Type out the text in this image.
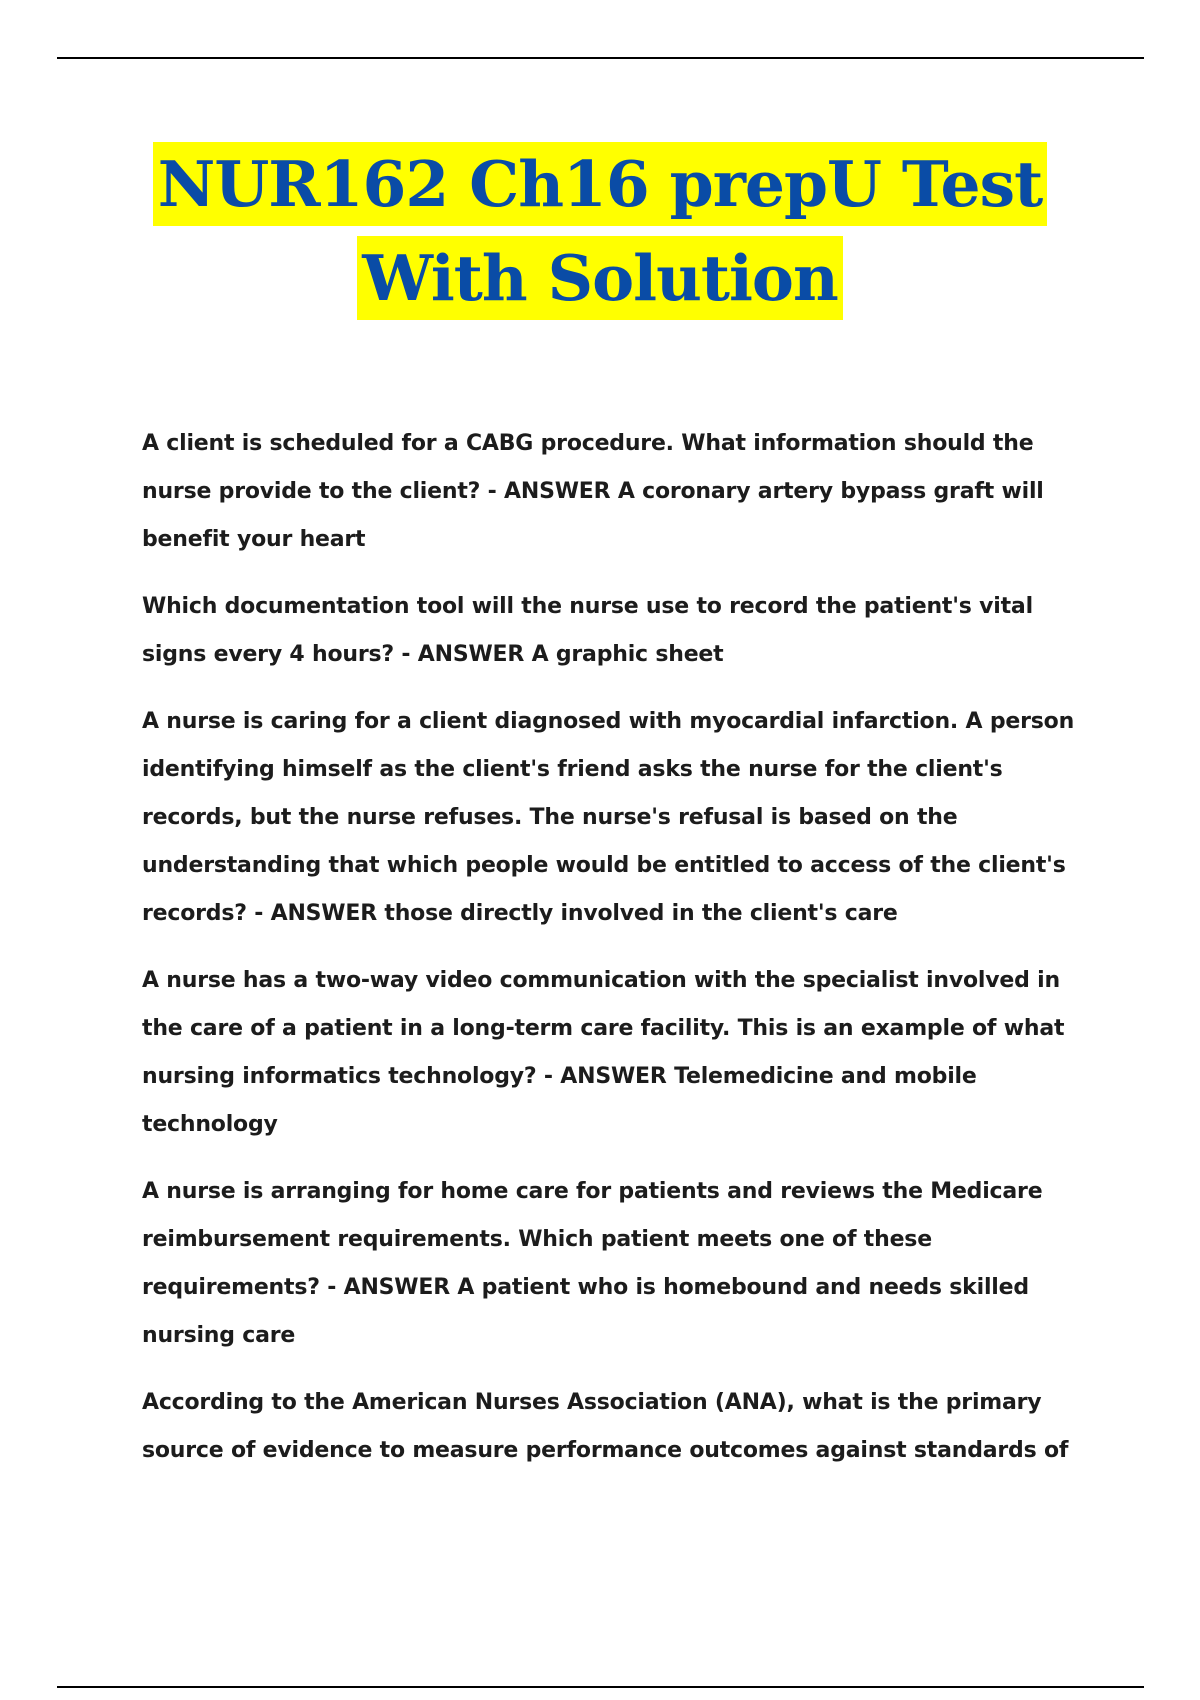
NUR162 Ch16 prepU Test
With Solution

A client is scheduled for a CABG procedure. What information should the nurse provide to the client? - ANSWER A coronary artery bypass graft will benefit your heart

Which documentation tool will the nurse use to record the patient's vital signs every 4 hours? - ANSWER A graphic sheet

A nurse is caring for a client diagnosed with myocardial infarction. A person identifying himself as the client's friend asks the nurse for the client's records, but the nurse refuses. The nurse's refusal is based on the understanding that which people would be entitled to access of the client's records? - ANSWER those directly involved in the client's care

A nurse has a two-way video communication with the specialist involved in the care of a patient in a long-term care facility. This is an example of what nursing informatics technology? - ANSWER Telemedicine and mobile technology

A nurse is arranging for home care for patients and reviews the Medicare reimbursement requirements. Which patient meets one of these requirements? - ANSWER A patient who is homebound and needs skilled nursing care

According to the American Nurses Association (ANA), what is the primary source of evidence to measure performance outcomes against standards of
